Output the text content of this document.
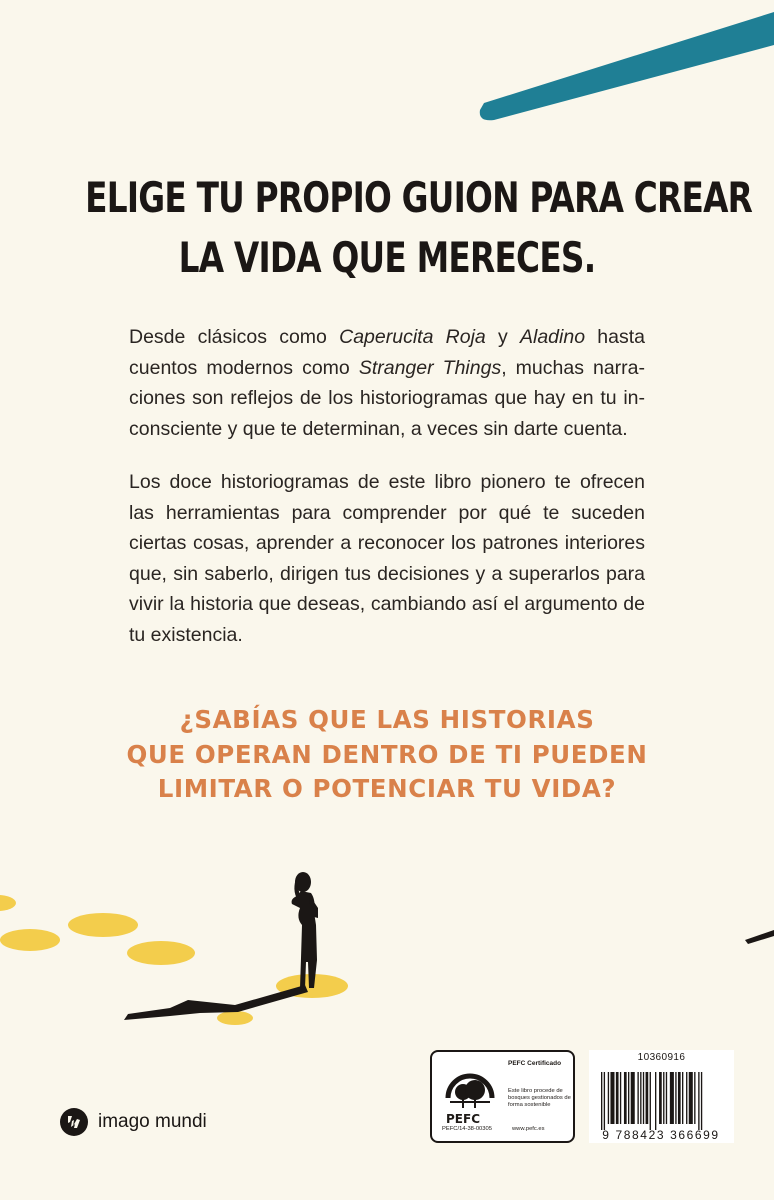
ELIGE TU PROPIO GUION PARA CREAR
LA VIDA QUE MERECES.
Desde clásicos como Caperucita Roja y Aladino hasta
cuentos modernos como Stranger Things, muchas narra-
ciones son reflejos de los historiogramas que hay en tu in-
consciente y que te determinan, a veces sin darte cuenta.
Los doce historiogramas de este libro pionero te ofrecen
las herramientas para comprender por qué te suceden
ciertas cosas, aprender a reconocer los patrones interiores
que, sin saberlo, dirigen tus decisiones y a superarlos para
vivir la historia que deseas, cambiando así el argumento de
tu existencia.
¿SABÍAS QUE LAS HISTORIAS
QUE OPERAN DENTRO DE TI PUEDEN
LIMITAR O POTENCIAR TU VIDA?
imago mundi	PEFC
PEFC Certificado
Este libro procede de bosques gestionados de forma sostenible
PEFC/14-38-00305	www.pefc.es
10360916
9 788423 366699
